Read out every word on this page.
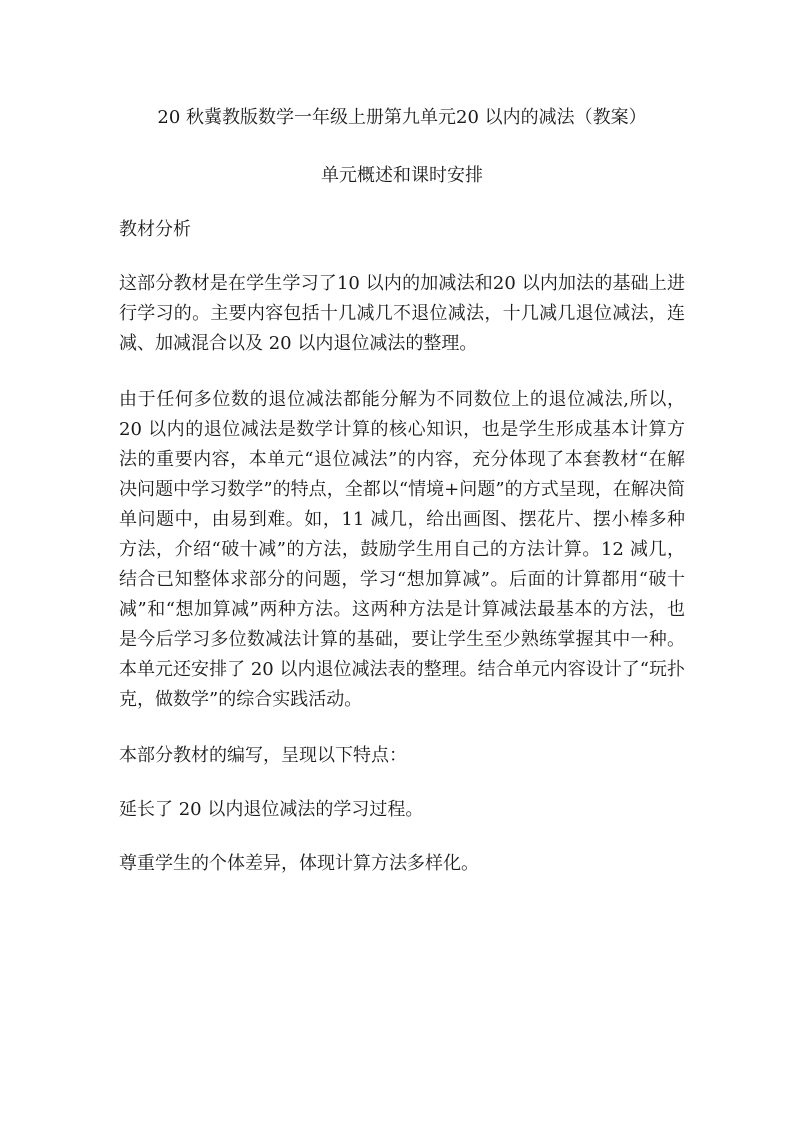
20 秋冀教版数学一年级上册第九单元20 以内的减法（教案）
单元概述和课时安排
教材分析

这部分教材是在学生学习了10 以内的加减法和20 以内加法的基础上进行学习的。主要内容包括十几减几不退位减法，十几减几退位减法，连减、加减混合以及 20 以内退位减法的整理。

由于任何多位数的退位减法都能分解为不同数位上的退位减法,所以，20 以内的退位减法是数学计算的核心知识，也是学生形成基本计算方法的重要内容，本单元“退位减法”的内容，充分体现了本套教材“在解决问题中学习数学”的特点，全都以“情境+问题”的方式呈现，在解决简单问题中，由易到难。如，11 减几，给出画图、摆花片、摆小棒多种方法，介绍“破十减”的方法，鼓励学生用自己的方法计算。12 减几，结合已知整体求部分的问题，学习“想加算减”。后面的计算都用“破十减”和“想加算减”两种方法。这两种方法是计算减法最基本的方法，也是今后学习多位数减法计算的基础，要让学生至少熟练掌握其中一种。本单元还安排了 20 以内退位减法表的整理。结合单元内容设计了“玩扑克，做数学”的综合实践活动。

本部分教材的编写，呈现以下特点：

延长了 20 以内退位减法的学习过程。

尊重学生的个体差异，体现计算方法多样化。
